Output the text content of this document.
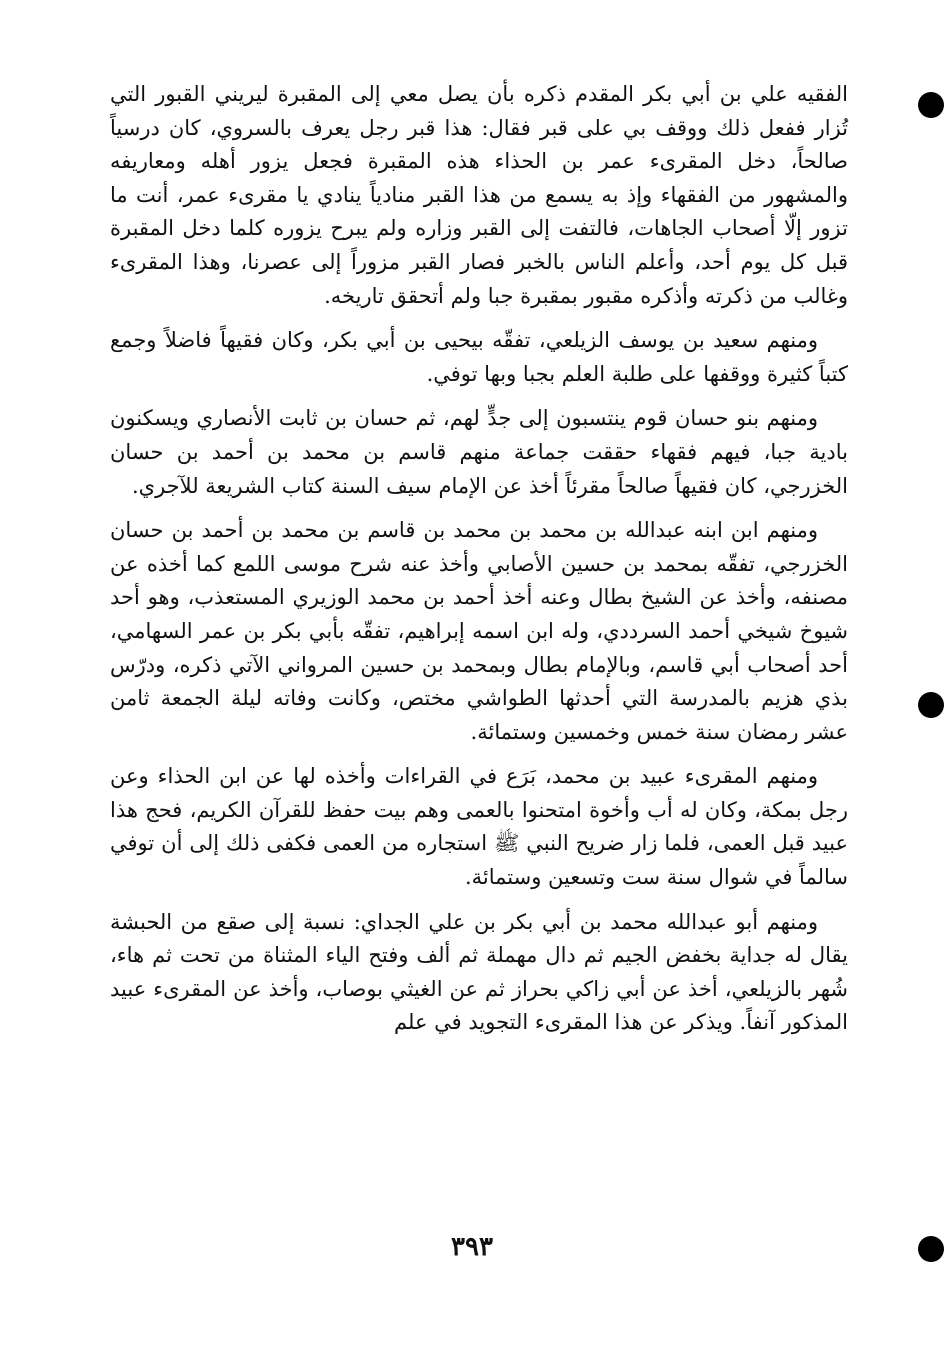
الفقيه علي بن أبي بكر المقدم ذكره بأن يصل معي إلى المقبرة ليريني القبور التي تُزار ففعل ذلك ووقف بي على قبر فقال: هذا قبر رجل يعرف بالسروي، كان درسياً صالحاً، دخل المقرىء عمر بن الحذاء هذه المقبرة فجعل يزور أهله ومعاريفه والمشهور من الفقهاء وإذ به يسمع من هذا القبر منادياً ينادي يا مقرىء عمر، أنت ما تزور إلّا أصحاب الجاهات، فالتفت إلى القبر وزاره ولم يبرح يزوره كلما دخل المقبرة قبل كل يوم أحد، وأعلم الناس بالخبر فصار القبر مزوراً إلى عصرنا، وهذا المقرىء وغالب من ذكرته وأذكره مقبور بمقبرة جبا ولم أتحقق تاريخه.

ومنهم سعيد بن يوسف الزيلعي، تفقّه بيحيى بن أبي بكر، وكان فقيهاً فاضلاً وجمع كتباً كثيرة ووقفها على طلبة العلم بجبا وبها توفي.

ومنهم بنو حسان قوم ينتسبون إلى جدٍّ لهم، ثم حسان بن ثابت الأنصاري ويسكنون بادية جبا، فيهم فقهاء حققت جماعة منهم قاسم بن محمد بن أحمد بن حسان الخزرجي، كان فقيهاً صالحاً مقرئاً أخذ عن الإمام سيف السنة كتاب الشريعة للآجري.

ومنهم ابن ابنه عبدالله بن محمد بن محمد بن قاسم بن محمد بن أحمد بن حسان الخزرجي، تفقّه بمحمد بن حسين الأصابي وأخذ عنه شرح موسى اللمع كما أخذه عن مصنفه، وأخذ عن الشيخ بطال وعنه أخذ أحمد بن محمد الوزيري المستعذب، وهو أحد شيوخ شيخي أحمد السرددي، وله ابن اسمه إبراهيم، تفقّه بأبي بكر بن عمر السهامي، أحد أصحاب أبي قاسم، وبالإمام بطال وبمحمد بن حسين المرواني الآتي ذكره، ودرّس بذي هزيم بالمدرسة التي أحدثها الطواشي مختص، وكانت وفاته ليلة الجمعة ثامن عشر رمضان سنة خمس وخمسين وستمائة.

ومنهم المقرىء عبيد بن محمد، بَرَع في القراءات وأخذه لها عن ابن الحذاء وعن رجل بمكة، وكان له أب وأخوة امتحنوا بالعمى وهم بيت حفظ للقرآن الكريم، فحج هذا عبيد قبل العمى، فلما زار ضريح النبي ﷺ استجاره من العمى فكفى ذلك إلى أن توفي سالماً في شوال سنة ست وتسعين وستمائة.

ومنهم أبو عبدالله محمد بن أبي بكر بن علي الجداي: نسبة إلى صقع من الحبشة يقال له جداية بخفض الجيم ثم دال مهملة ثم ألف وفتح الياء المثناة من تحت ثم هاء، شُهر بالزيلعي، أخذ عن أبي زاكي بحراز ثم عن الغيثي بوصاب، وأخذ عن المقرىء عبيد المذكور آنفاً. ويذكر عن هذا المقرىء التجويد في علم

٣٩٣
